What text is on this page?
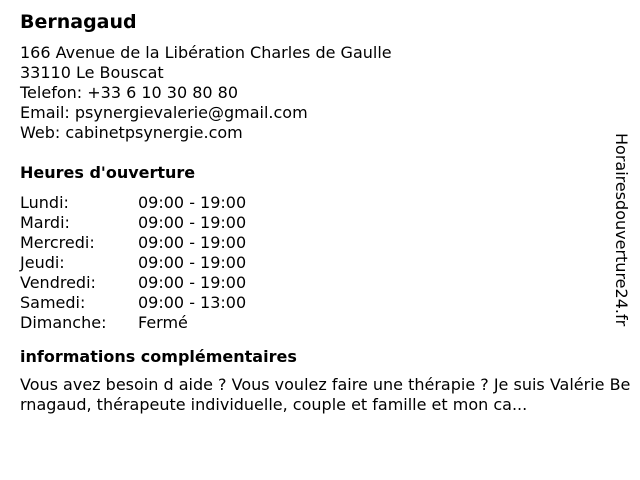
Bernagaud
166 Avenue de la Libération Charles de Gaulle
33110 Le Bouscat
Telefon: +33 6 10 30 80 80
Email: psynergievalerie@gmail.com
Web: cabinetpsynergie.com
Heures d'ouverture
Lundi:	09:00 - 19:00
Mardi:	09:00 - 19:00
Mercredi:	09:00 - 19:00
Jeudi:	09:00 - 19:00
Vendredi:	09:00 - 19:00
Samedi:	09:00 - 13:00
Dimanche:	Fermé
informations complémentaires
Vous avez besoin d aide ? Vous voulez faire une thérapie ? Je suis Valérie Bernagaud, thérapeute individuelle, couple et famille et mon ca...
Horairesdouverture24.fr
